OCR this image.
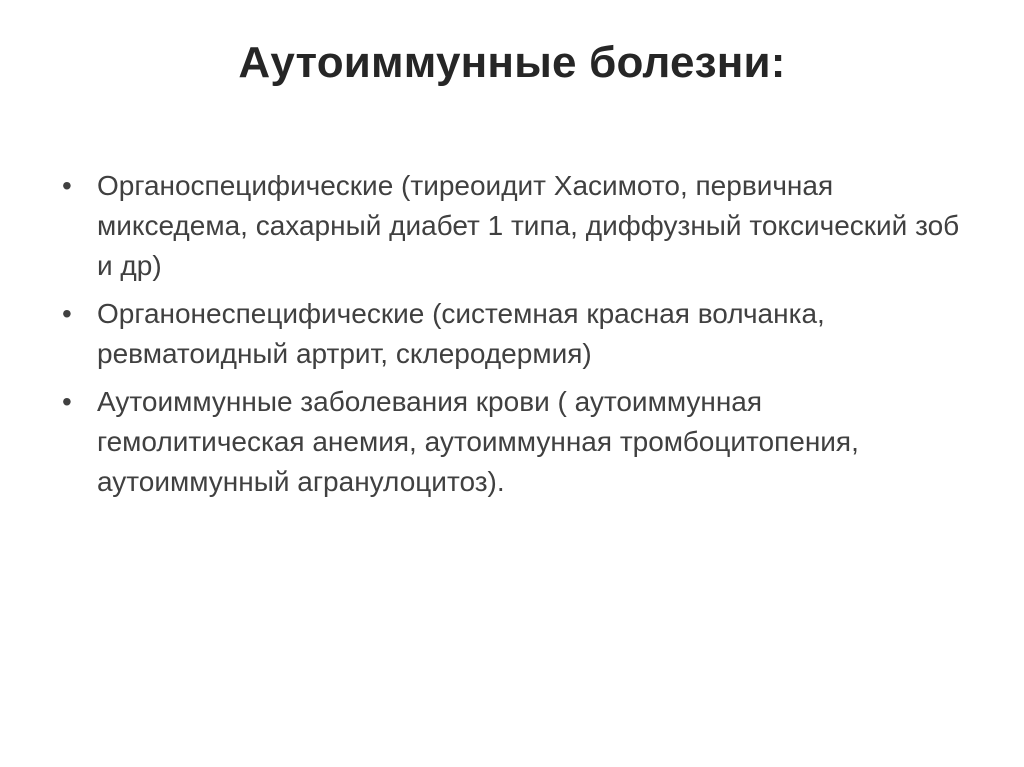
Аутоиммунные болезни:
• Органоспецифические (тиреоидит Хасимото, первичная микседема, сахарный диабет 1 типа, диффузный токсический зоб и др)
• Органонеспецифические (системная красная волчанка, ревматоидный артрит, склеродермия)
• Аутоиммунные заболевания крови ( аутоиммунная гемолитическая анемия, аутоиммунная тромбоцитопения, аутоиммунный агранулоцитоз).
